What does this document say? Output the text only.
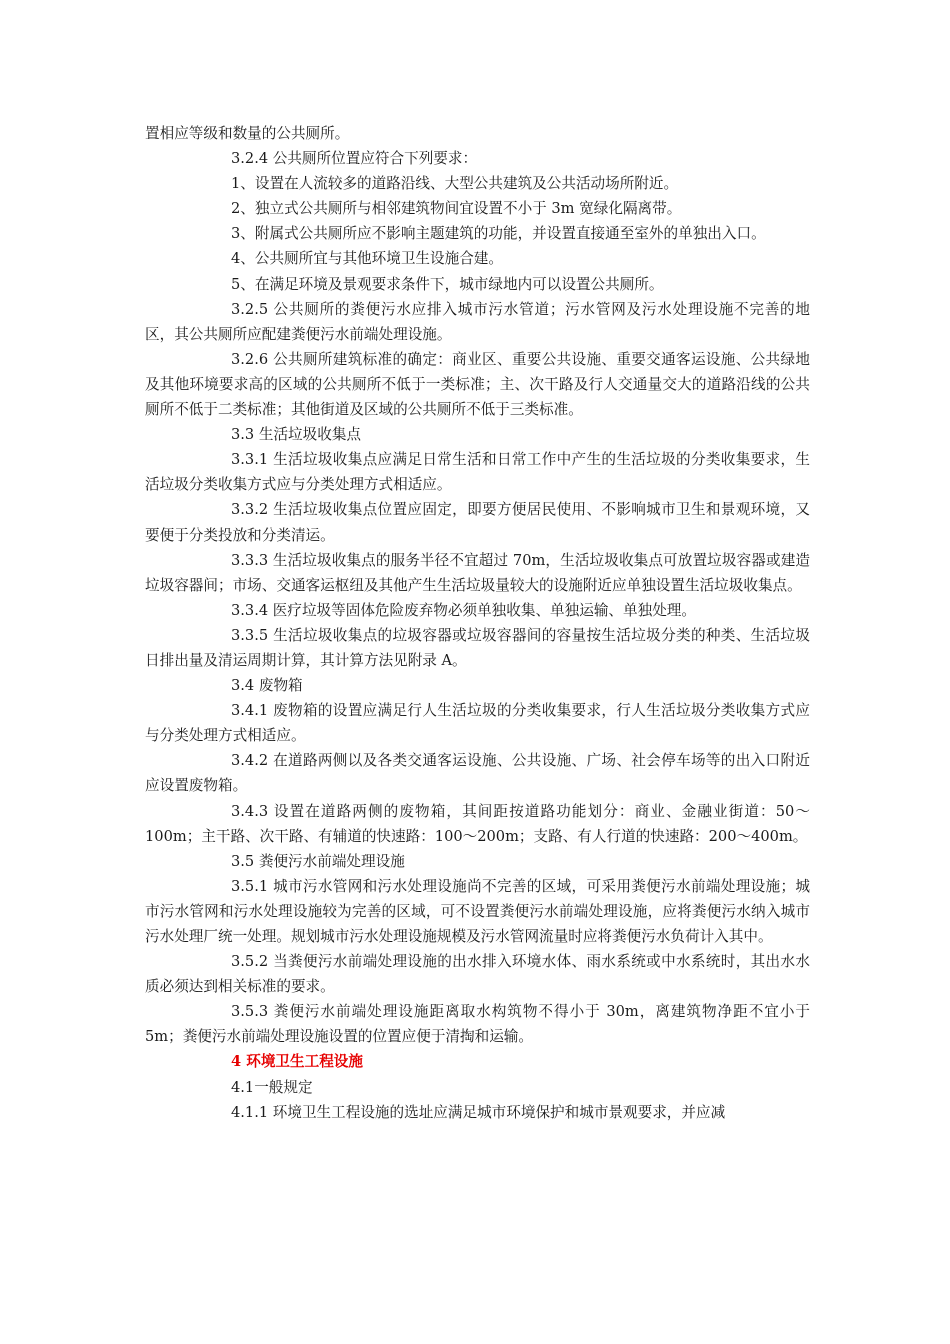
置相应等级和数量的公共厕所。

3.2.4 公共厕所位置应符合下列要求：

1、设置在人流较多的道路沿线、大型公共建筑及公共活动场所附近。

2、独立式公共厕所与相邻建筑物间宜设置不小于 3m 宽绿化隔离带。

3、附属式公共厕所应不影响主题建筑的功能，并设置直接通至室外的单独出入口。

4、公共厕所宜与其他环境卫生设施合建。

5、在满足环境及景观要求条件下，城市绿地内可以设置公共厕所。

3.2.5 公共厕所的粪便污水应排入城市污水管道；污水管网及污水处理设施不完善的地区，其公共厕所应配建粪便污水前端处理设施。

3.2.6 公共厕所建筑标准的确定：商业区、重要公共设施、重要交通客运设施、公共绿地及其他环境要求高的区域的公共厕所不低于一类标准；主、次干路及行人交通量交大的道路沿线的公共厕所不低于二类标准；其他街道及区域的公共厕所不低于三类标准。

3.3 生活垃圾收集点

3.3.1 生活垃圾收集点应满足日常生活和日常工作中产生的生活垃圾的分类收集要求，生活垃圾分类收集方式应与分类处理方式相适应。

3.3.2 生活垃圾收集点位置应固定，即要方便居民使用、不影响城市卫生和景观环境，又要便于分类投放和分类清运。

3.3.3 生活垃圾收集点的服务半径不宜超过 70m，生活垃圾收集点可放置垃圾容器或建造垃圾容器间；市场、交通客运枢纽及其他产生生活垃圾量较大的设施附近应单独设置生活垃圾收集点。

3.3.4 医疗垃圾等固体危险废弃物必须单独收集、单独运输、单独处理。

3.3.5 生活垃圾收集点的垃圾容器或垃圾容器间的容量按生活垃圾分类的种类、生活垃圾日排出量及清运周期计算，其计算方法见附录 A。

3.4 废物箱

3.4.1 废物箱的设置应满足行人生活垃圾的分类收集要求，行人生活垃圾分类收集方式应与分类处理方式相适应。

3.4.2 在道路两侧以及各类交通客运设施、公共设施、广场、社会停车场等的出入口附近应设置废物箱。

3.4.3 设置在道路两侧的废物箱，其间距按道路功能划分：商业、金融业街道：50～100m；主干路、次干路、有辅道的快速路：100～200m；支路、有人行道的快速路：200～400m。

3.5 粪便污水前端处理设施

3.5.1 城市污水管网和污水处理设施尚不完善的区域，可采用粪便污水前端处理设施；城市污水管网和污水处理设施较为完善的区域，可不设置粪便污水前端处理设施，应将粪便污水纳入城市污水处理厂统一处理。规划城市污水处理设施规模及污水管网流量时应将粪便污水负荷计入其中。

3.5.2 当粪便污水前端处理设施的出水排入环境水体、雨水系统或中水系统时，其出水水质必须达到相关标准的要求。

3.5.3 粪便污水前端处理设施距离取水构筑物不得小于 30m，离建筑物净距不宜小于 5m；粪便污水前端处理设施设置的位置应便于清掏和运输。

4 环境卫生工程设施

4.1一般规定

4.1.1 环境卫生工程设施的选址应满足城市环境保护和城市景观要求，并应减
